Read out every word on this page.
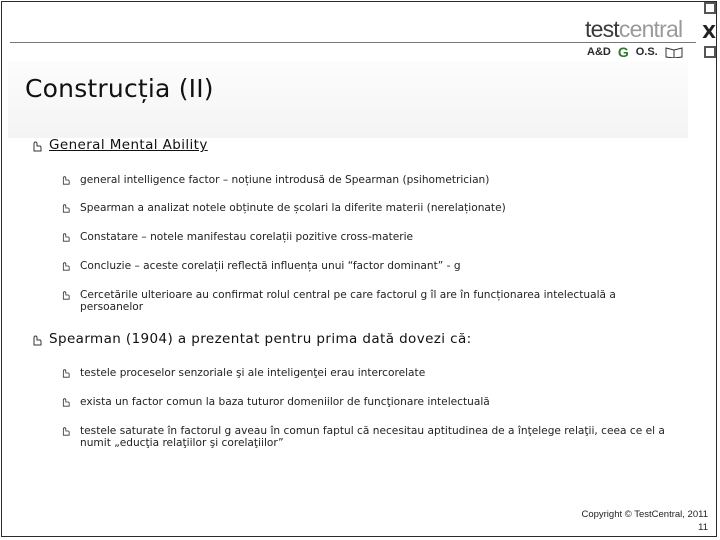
X
testcentral
A&D G O.S.
Construcția (II)
General Mental Ability
general intelligence factor – noțiune introdusă de Spearman (psihometrician)
Spearman a analizat notele obținute de școlari la diferite materii (nerelaționate)
Constatare – notele manifestau corelații pozitive cross-materie
Concluzie – aceste corelații reflectă influența unui “factor dominant” - g
Cercetările ulterioare au confirmat rolul central pe care factorul g îl are în funcționarea intelectuală a persoanelor
Spearman (1904) a prezentat pentru prima dată dovezi că:
testele proceselor senzoriale şi ale inteligenţei erau intercorelate
exista un factor comun la baza tuturor domeniilor de funcţionare intelectuală
testele saturate în factorul g aveau în comun faptul că necesitau aptitudinea de a înţelege relaţii, ceea ce el a numit „educţia relaţiilor şi corelaţiilor”
Copyright © TestCentral, 2011
11
